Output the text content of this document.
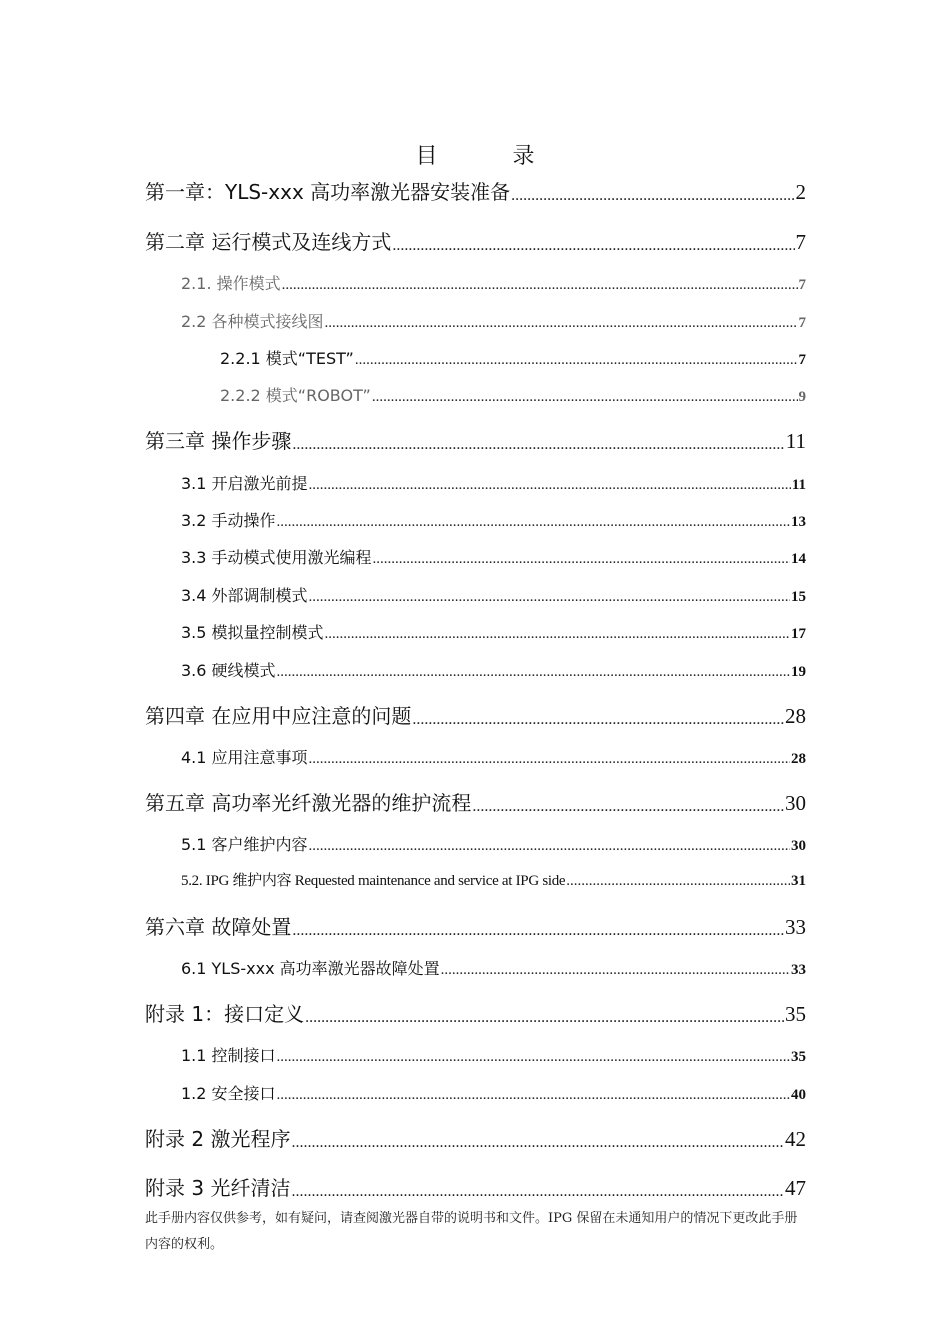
目 录
第一章：YLS-xxx 高功率激光器安装准备 .....	2
第二章 运行模式及连线方式 .....	7
2.1. 操作模式 .....	7
2.2 各种模式接线图 .....	7
2.2.1 模式“TEST” .....	7
2.2.2 模式“ROBOT” .....	9
第三章 操作步骤 .....	11
3.1 开启激光前提 .....	11
3.2 手动操作 .....	13
3.3 手动模式使用激光编程 .....	14
3.4 外部调制模式 .....	15
3.5 模拟量控制模式 .....	17
3.6 硬线模式 .....	19
第四章 在应用中应注意的问题 .....	28
4.1 应用注意事项 .....	28
第五章 高功率光纤激光器的维护流程 .....	30
5.1 客户维护内容 .....	30
5.2. IPG 维护内容 Requested maintenance and service at IPG side .....	31
第六章 故障处置 .....	33
6.1 YLS-xxx 高功率激光器故障处置 .....	33
附录 1：接口定义 .....	35
1.1 控制接口 .....	35
1.2 安全接口 .....	40
附录 2 激光程序 .....	42
附录 3 光纤清洁 .....	47

此手册内容仅供参考，如有疑问，请查阅激光器自带的说明书和文件。IPG 保留在未通知用户的情况下更改此手册内容的权利。
